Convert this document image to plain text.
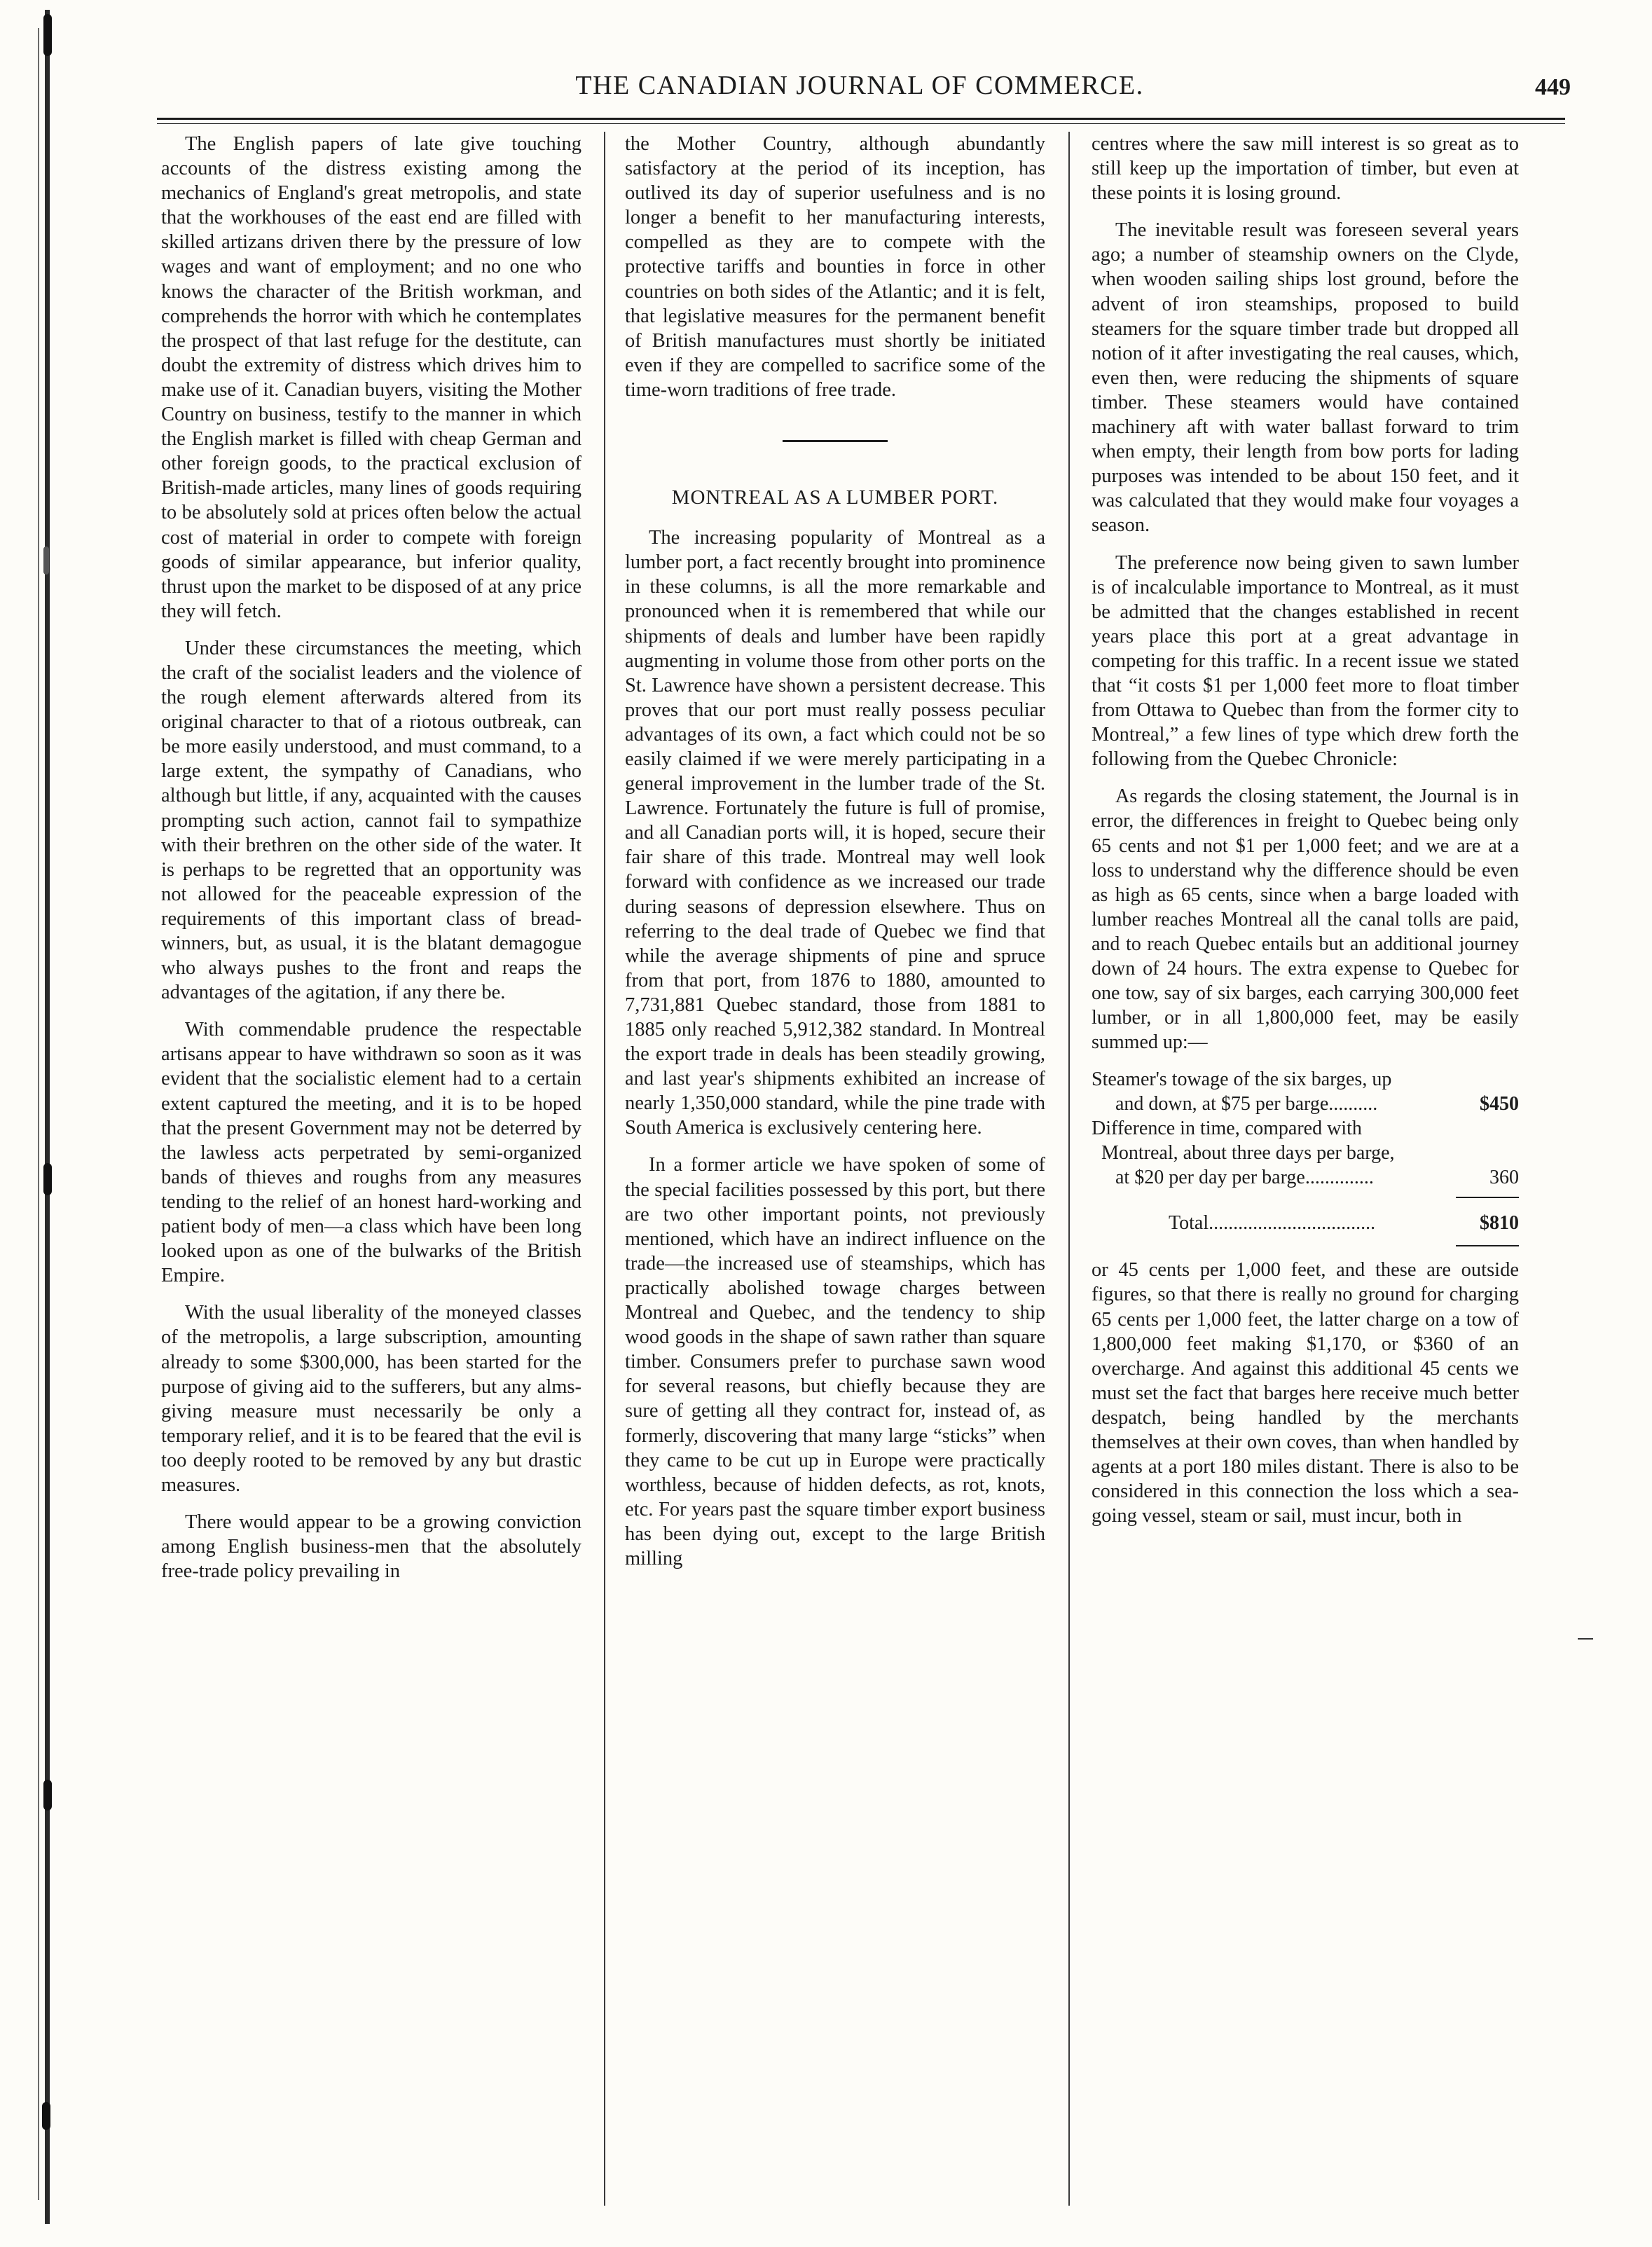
THE CANADIAN JOURNAL OF COMMERCE.	449

The English papers of late give touching accounts of the distress existing among the mechanics of England's great metropolis, and state that the workhouses of the east end are filled with skilled artizans driven there by the pressure of low wages and want of employment; and no one who knows the character of the British workman, and comprehends the horror with which he contemplates the prospect of that last refuge for the destitute, can doubt the extremity of distress which drives him to make use of it. Canadian buyers, visiting the Mother Country on business, testify to the manner in which the English market is filled with cheap German and other foreign goods, to the practical exclusion of British-made articles, many lines of goods requiring to be absolutely sold at prices often below the actual cost of material in order to compete with foreign goods of similar appearance, but inferior quality, thrust upon the market to be disposed of at any price they will fetch.

Under these circumstances the meeting, which the craft of the socialist leaders and the violence of the rough element afterwards altered from its original character to that of a riotous outbreak, can be more easily understood, and must command, to a large extent, the sympathy of Canadians, who although but little, if any, acquainted with the causes prompting such action, cannot fail to sympathize with their brethren on the other side of the water. It is perhaps to be regretted that an opportunity was not allowed for the peaceable expression of the requirements of this important class of bread-winners, but, as usual, it is the blatant demagogue who always pushes to the front and reaps the advantages of the agitation, if any there be.

With commendable prudence the respectable artisans appear to have withdrawn so soon as it was evident that the socialistic element had to a certain extent captured the meeting, and it is to be hoped that the present Government may not be deterred by the lawless acts perpetrated by semi-organized bands of thieves and roughs from any measures tending to the relief of an honest hard-working and patient body of men—a class which have been long looked upon as one of the bulwarks of the British Empire.

With the usual liberality of the moneyed classes of the metropolis, a large subscription, amounting already to some $300,000, has been started for the purpose of giving aid to the sufferers, but any alms-giving measure must necessarily be only a temporary relief, and it is to be feared that the evil is too deeply rooted to be removed by any but drastic measures.

There would appear to be a growing conviction among English business-men that the absolutely free-trade policy prevailing in

the Mother Country, although abundantly satisfactory at the period of its inception, has outlived its day of superior usefulness and is no longer a benefit to her manufacturing interests, compelled as they are to compete with the protective tariffs and bounties in force in other countries on both sides of the Atlantic; and it is felt, that legislative measures for the permanent benefit of British manufactures must shortly be initiated even if they are compelled to sacrifice some of the time-worn traditions of free trade.

MONTREAL AS A LUMBER PORT.

The increasing popularity of Montreal as a lumber port, a fact recently brought into prominence in these columns, is all the more remarkable and pronounced when it is remembered that while our shipments of deals and lumber have been rapidly augmenting in volume those from other ports on the St. Lawrence have shown a persistent decrease. This proves that our port must really possess peculiar advantages of its own, a fact which could not be so easily claimed if we were merely participating in a general improvement in the lumber trade of the St. Lawrence. Fortunately the future is full of promise, and all Canadian ports will, it is hoped, secure their fair share of this trade. Montreal may well look forward with confidence as we increased our trade during seasons of depression elsewhere. Thus on referring to the deal trade of Quebec we find that while the average shipments of pine and spruce from that port, from 1876 to 1880, amounted to 7,731,881 Quebec standard, those from 1881 to 1885 only reached 5,912,382 standard. In Montreal the export trade in deals has been steadily growing, and last year's shipments exhibited an increase of nearly 1,350,000 standard, while the pine trade with South America is exclusively centering here.

In a former article we have spoken of some of the special facilities possessed by this port, but there are two other important points, not previously mentioned, which have an indirect influence on the trade—the increased use of steamships, which has practically abolished towage charges between Montreal and Quebec, and the tendency to ship wood goods in the shape of sawn rather than square timber. Consumers prefer to purchase sawn wood for several reasons, but chiefly because they are sure of getting all they contract for, instead of, as formerly, discovering that many large “sticks” when they came to be cut up in Europe were practically worthless, because of hidden defects, as rot, knots, etc. For years past the square timber export business has been dying out, except to the large British milling

centres where the saw mill interest is so great as to still keep up the importation of timber, but even at these points it is losing ground.

The inevitable result was foreseen several years ago; a number of steamship owners on the Clyde, when wooden sailing ships lost ground, before the advent of iron steamships, proposed to build steamers for the square timber trade but dropped all notion of it after investigating the real causes, which, even then, were reducing the shipments of square timber. These steamers would have contained machinery aft with water ballast forward to trim when empty, their length from bow ports for lading purposes was intended to be about 150 feet, and it was calculated that they would make four voyages a season.

The preference now being given to sawn lumber is of incalculable importance to Montreal, as it must be admitted that the changes established in recent years place this port at a great advantage in competing for this traffic. In a recent issue we stated that “it costs $1 per 1,000 feet more to float timber from Ottawa to Quebec than from the former city to Montreal,” a few lines of type which drew forth the following from the Quebec Chronicle:

As regards the closing statement, the Journal is in error, the differences in freight to Quebec being only 65 cents and not $1 per 1,000 feet; and we are at a loss to understand why the difference should be even as high as 65 cents, since when a barge loaded with lumber reaches Montreal all the canal tolls are paid, and to reach Quebec entails but an additional journey down of 24 hours. The extra expense to Quebec for one tow, say of six barges, each carrying 300,000 feet lumber, or in all 1,800,000 feet, may be easily summed up:—

Steamer's towage of the six barges, up
and down, at $75 per barge..........	$450
Difference in time, compared with
Montreal, about three days per barge,
at $20 per day per barge..............	360
Total..................................	$810

or 45 cents per 1,000 feet, and these are outside figures, so that there is really no ground for charging 65 cents per 1,000 feet, the latter charge on a tow of 1,800,000 feet making $1,170, or $360 of an overcharge. And against this additional 45 cents we must set the fact that barges here receive much better despatch, being handled by the merchants themselves at their own coves, than when handled by agents at a port 180 miles distant. There is also to be considered in this connection the loss which a sea-going vessel, steam or sail, must incur, both in
